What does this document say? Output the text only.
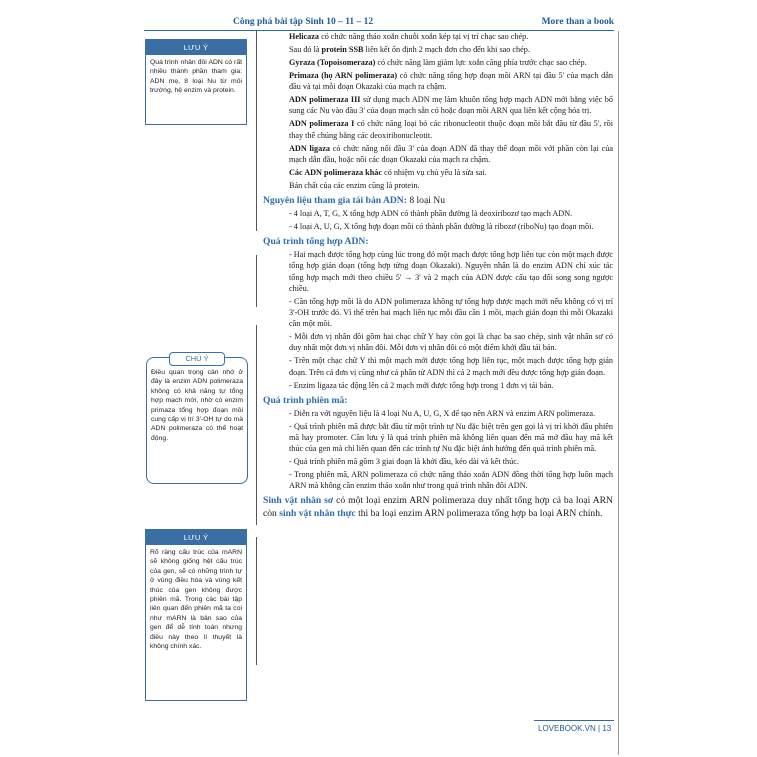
Công phá bài tập Sinh 10 – 11 – 12	More than a book
LƯU Ý
Quá trình nhân đôi ADN có rất nhiều thành phần tham gia: ADN mẹ, 8 loại Nu từ môi trường, hệ enzim và protein.
CHÚ Ý
Điều quan trọng cần nhớ ở đây là enzim ADN polimeraza không có khả năng tự tổng hợp mạch mới, nhờ có enzim primaza tổng hợp đoạn mồi cung cấp vị trí 3'-OH tự do mà ADN polimeraza có thể hoạt động.
LƯU Ý
Rõ ràng cấu trúc của mARN sẽ không giống hệt cấu trúc của gen, sẽ có những trình tự ở vùng điều hòa và vùng kết thúc của gen không được phiên mã. Trong các bài tập liên quan đến phiên mã ta coi như mARN là bản sao của gen để dễ tính toán nhưng điều này theo lí thuyết là không chính xác.

Helicaza có chức năng tháo xoắn chuỗi xoắn kép tại vị trí chạc sao chép.

Sau đó là protein SSB liên kết ổn định 2 mạch đơn cho đến khi sao chép.

Gyraza (Topoisomeraza) có chức năng làm giảm lực xoắn căng phía trước chạc sao chép.

Primaza (họ ARN polimeraza) có chức năng tổng hợp đoạn mồi ARN tại đầu 5' của mạch dẫn đầu và tại mỗi đoạn Okazaki của mạch ra chậm.

ADN polimeraza III sử dụng mạch ADN mẹ làm khuôn tổng hợp mạch ADN mới bằng việc bổ sung các Nu vào đầu 3' của đoạn mạch sẵn có hoặc đoạn mồi ARN qua liên kết cộng hóa trị.

ADN polimeraza I có chức năng loại bỏ các ribonucleotit thuộc đoạn mồi bắt đầu từ đầu 5', rồi thay thế chúng bằng các deoxiribonucleotit.

ADN ligaza có chức năng nối đầu 3' của đoạn ADN đã thay thế đoạn mồi với phần còn lại của mạch dẫn đầu, hoặc nối các đoạn Okazaki của mạch ra chậm.

Các ADN polimeraza khác có nhiệm vụ chủ yếu là sửa sai.

Bản chất của các enzim cũng là protein.

Nguyên liệu tham gia tái bản ADN: 8 loại Nu

- 4 loại A, T, G, X tổng hợp ADN có thành phần đường là deoxiribozơ tạo mạch ADN.

- 4 loại A, U, G, X tổng hợp đoạn mồi có thành phần đường là ribozơ (riboNu) tạo đoạn mồi.

Quá trình tổng hợp ADN:

- Hai mạch được tổng hợp cùng lúc trong đó một mạch được tổng hợp liên tục còn một mạch được tổng hợp gián đoạn (tổng hợp từng đoạn Okazaki). Nguyên nhân là do enzim ADN chỉ xúc tác tổng hợp mạch mới theo chiều 5' → 3' và 2 mạch của ADN được cấu tạo đối song song ngược chiều.

- Cần tổng hợp mồi là do ADN polimeraza không tự tổng hợp được mạch mới nếu không có vị trí 3'-OH trước đó. Vì thế trên hai mạch liên tục mỗi đầu cần 1 mồi, mạch gián đoạn thì mỗi Okazaki cần một mồi.

- Mỗi đơn vị nhân đôi gồm hai chạc chữ Y hay còn gọi là chạc ba sao chép, sinh vật nhân sơ có duy nhất một đơn vị nhân đôi. Mỗi đơn vị nhân đôi có một điểm khởi đầu tái bản.

- Trên một chạc chữ Y thì một mạch mới được tổng hợp liên tục, một mạch được tổng hợp gián đoạn. Trên cả đơn vị cũng như cả phân tử ADN thì cả 2 mạch mới đều được tổng hợp gián đoạn.

- Enzim ligaza tác động lên cả 2 mạch mới được tổng hợp trong 1 đơn vị tái bản.

Quá trình phiên mã:

- Diễn ra với nguyên liệu là 4 loại Nu A, U, G, X để tạo nên ARN và enzim ARN polimeraza.

- Quá trình phiên mã được bắt đầu từ một trình tự Nu đặc biệt trên gen gọi là vị trí khởi đầu phiên mã hay promoter. Cần lưu ý là quá trình phiên mã không liên quan đến mã mở đầu hay mã kết thúc của gen mà chỉ liên quan đến các trình tự Nu đặc biệt ảnh hưởng đến quá trình phiên mã.

- Quá trình phiên mã gồm 3 giai đoạn là khởi đầu, kéo dài và kết thúc.

- Trong phiên mã, ARN polimeraza có chức năng tháo xoắn ADN đồng thời tổng hợp luôn mạch ARN mà không cần enzim tháo xoắn như trong quá trình nhân đôi ADN.

Sinh vật nhân sơ có một loại enzim ARN polimeraza duy nhất tổng hợp cả ba loại ARN còn sinh vật nhân thực thì ba loại enzim ARN polimeraza tổng hợp ba loại ARN chính.

LOVEBOOK.VN | 13
